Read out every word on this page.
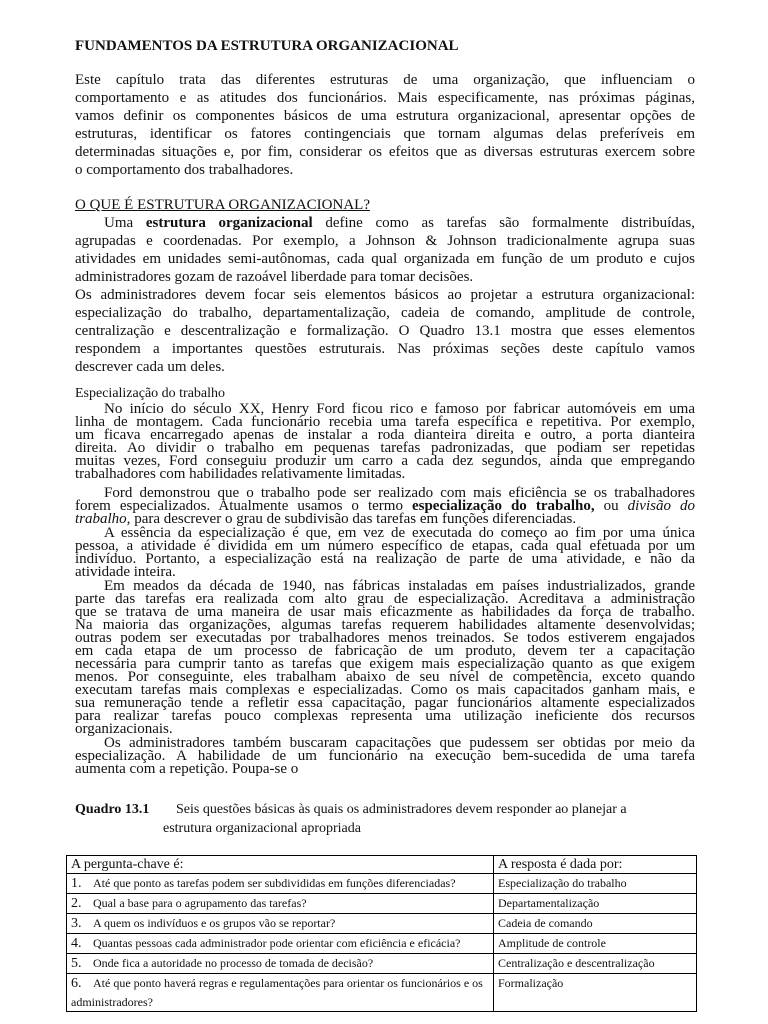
FUNDAMENTOS DA ESTRUTURA ORGANIZACIONAL
Este capítulo trata das diferentes estruturas de uma organização, que influenciam o
comportamento e as atitudes dos funcionários. Mais especificamente, nas próximas páginas,
vamos definir os componentes básicos de uma estrutura organizacional, apresentar opções de
estruturas, identificar os fatores contingenciais que tornam algumas delas preferíveis em
determinadas situações e, por fim, considerar os efeitos que as diversas estruturas exercem sobre
o comportamento dos trabalhadores.
O QUE É ESTRUTURA ORGANIZACIONAL?
Uma estrutura organizacional define como as tarefas são formalmente distribuídas,
agrupadas e coordenadas. Por exemplo, a Johnson & Johnson tradicionalmente agrupa suas
atividades em unidades semi-autônomas, cada qual organizada em função de um produto e cujos
administradores gozam de razoável liberdade para tomar decisões.
Os administradores devem focar seis elementos básicos ao projetar a estrutura organizacional:
especialização do trabalho, departamentalização, cadeia de comando, amplitude de controle,
centralização e descentralização e formalização. O Quadro 13.1 mostra que esses elementos
respondem a importantes questões estruturais. Nas próximas seções deste capítulo vamos
descrever cada um deles.
Especialização do trabalho
No início do século XX, Henry Ford ficou rico e famoso por fabricar automóveis em uma
linha de montagem. Cada funcionário recebia uma tarefa específica e repetitiva. Por exemplo,
um ficava encarregado apenas de instalar a roda dianteira direita e outro, a porta dianteira
direita. Ao dividir o trabalho em pequenas tarefas padronizadas, que podiam ser repetidas
muitas vezes, Ford conseguiu produzir um carro a cada dez segundos, ainda que empregando
trabalhadores com habilidades relativamente limitadas.
Ford demonstrou que o trabalho pode ser realizado com mais eficiência se os trabalhadores
forem especializados. Atualmente usamos o termo especialização do trabalho, ou divisão do
trabalho, para descrever o grau de subdivisão das tarefas em funções diferenciadas.
A essência da especialização é que, em vez de executada do começo ao fim por uma única
pessoa, a atividade é dividida em um número específico de etapas, cada qual efetuada por um
indivíduo. Portanto, a especialização está na realização de parte de uma atividade, e não da
atividade inteira.
Em meados da década de 1940, nas fábricas instaladas em países industrializados, grande
parte das tarefas era realizada com alto grau de especialização. Acreditava a administração
que se tratava de uma maneira de usar mais eficazmente as habilidades da força de trabalho.
Na maioria das organizações, algumas tarefas requerem habilidades altamente desenvolvidas;
outras podem ser executadas por trabalhadores menos treinados. Se todos estiverem engajados
em cada etapa de um processo de fabricação de um produto, devem ter a capacitação
necessária para cumprir tanto as tarefas que exigem mais especialização quanto as que exigem
menos. Por conseguinte, eles trabalham abaixo de seu nível de competência, exceto quando
executam tarefas mais complexas e especializadas. Como os mais capacitados ganham mais, e
sua remuneração tende a refletir essa capacitação, pagar funcionários altamente especializados
para realizar tarefas pouco complexas representa uma utilização ineficiente dos recursos
organizacionais.
Os administradores também buscaram capacitações que pudessem ser obtidas por meio da
especialização. A habilidade de um funcionário na execução bem-sucedida de uma tarefa
aumenta com a repetição. Poupa-se o
Quadro 13.1 Seis questões básicas às quais os administradores devem responder ao planejar a
estrutura organizacional apropriada
A pergunta-chave é:	A resposta é dada por:
1. Até que ponto as tarefas podem ser subdivididas em funções diferenciadas?	Especialização do trabalho
2. Qual a base para o agrupamento das tarefas?	Departamentalização
3. A quem os indivíduos e os grupos vão se reportar?	Cadeia de comando
4. Quantas pessoas cada administrador pode orientar com eficiência e eficácia?	Amplitude de controle
5. Onde fica a autoridade no processo de tomada de decisão?	Centralização e descentralização
6. Até que ponto haverá regras e regulamentações para orientar os funcionários e os administradores?	Formalização
